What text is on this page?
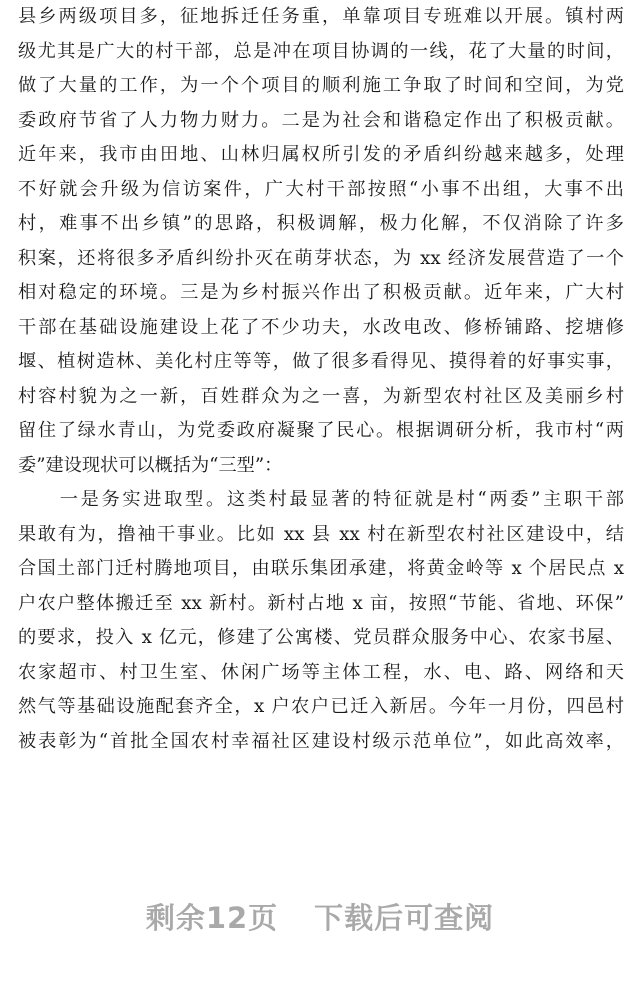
县乡两级项目多，征地拆迁任务重，单靠项目专班难以开展。镇村两
级尤其是广大的村干部，总是冲在项目协调的一线，花了大量的时间，
做了大量的工作，为一个个项目的顺利施工争取了时间和空间，为党
委政府节省了人力物力财力。二是为社会和谐稳定作出了积极贡献。
近年来，我市由田地、山林归属权所引发的矛盾纠纷越来越多，处理
不好就会升级为信访案件，广大村干部按照“小事不出组，大事不出
村，难事不出乡镇”的思路，积极调解，极力化解，不仅消除了许多
积案，还将很多矛盾纠纷扑灭在萌芽状态，为 xx 经济发展营造了一个
相对稳定的环境。三是为乡村振兴作出了积极贡献。近年来，广大村
干部在基础设施建设上花了不少功夫，水改电改、修桥铺路、挖塘修
堰、植树造林、美化村庄等等，做了很多看得见、摸得着的好事实事，
村容村貌为之一新，百姓群众为之一喜，为新型农村社区及美丽乡村
留住了绿水青山，为党委政府凝聚了民心。根据调研分析，我市村“两
委”建设现状可以概括为“三型”：
　　一是务实进取型。这类村最显著的特征就是村“两委”主职干部
果敢有为，撸袖干事业。比如 xx 县 xx 村在新型农村社区建设中，结
合国土部门迁村腾地项目，由联乐集团承建，将黄金岭等 x 个居民点 x
户农户整体搬迁至 xx 新村。新村占地 x 亩，按照“节能、省地、环保”
的要求，投入 x 亿元，修建了公寓楼、党员群众服务中心、农家书屋、
农家超市、村卫生室、休闲广场等主体工程，水、电、路、网络和天
然气等基础设施配套齐全，x 户农户已迁入新居。今年一月份，四邑村
被表彰为“首批全国农村幸福社区建设村级示范单位”，如此高效率，
剩余12页 下载后可查阅
